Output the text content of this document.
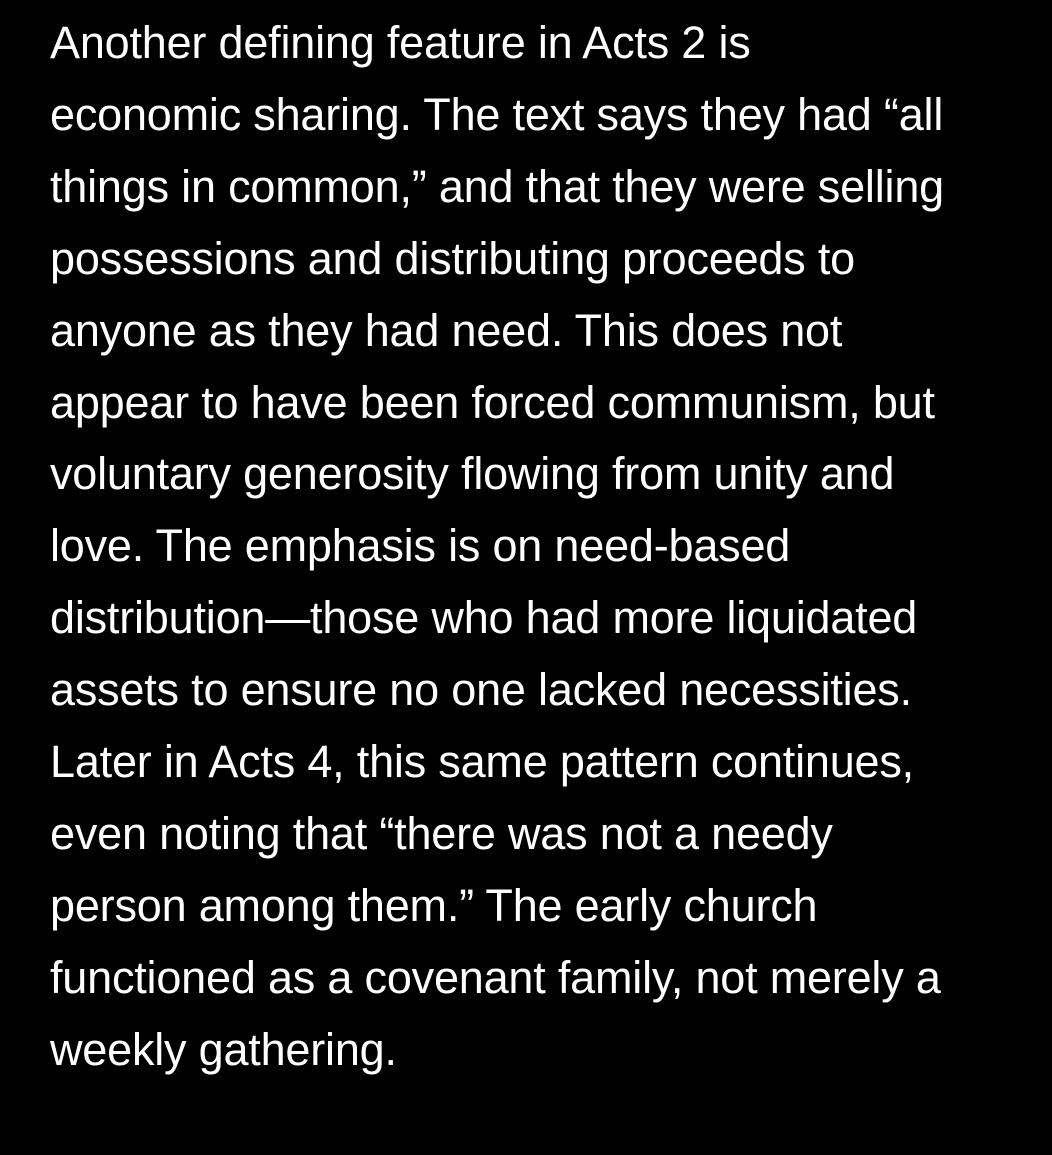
Another defining feature in Acts 2 is
economic sharing. The text says they had “all
things in common,” and that they were selling
possessions and distributing proceeds to
anyone as they had need. This does not
appear to have been forced communism, but
voluntary generosity flowing from unity and
love. The emphasis is on need-based
distribution—those who had more liquidated
assets to ensure no one lacked necessities.
Later in Acts 4, this same pattern continues,
even noting that “there was not a needy
person among them.” The early church
functioned as a covenant family, not merely a
weekly gathering.
